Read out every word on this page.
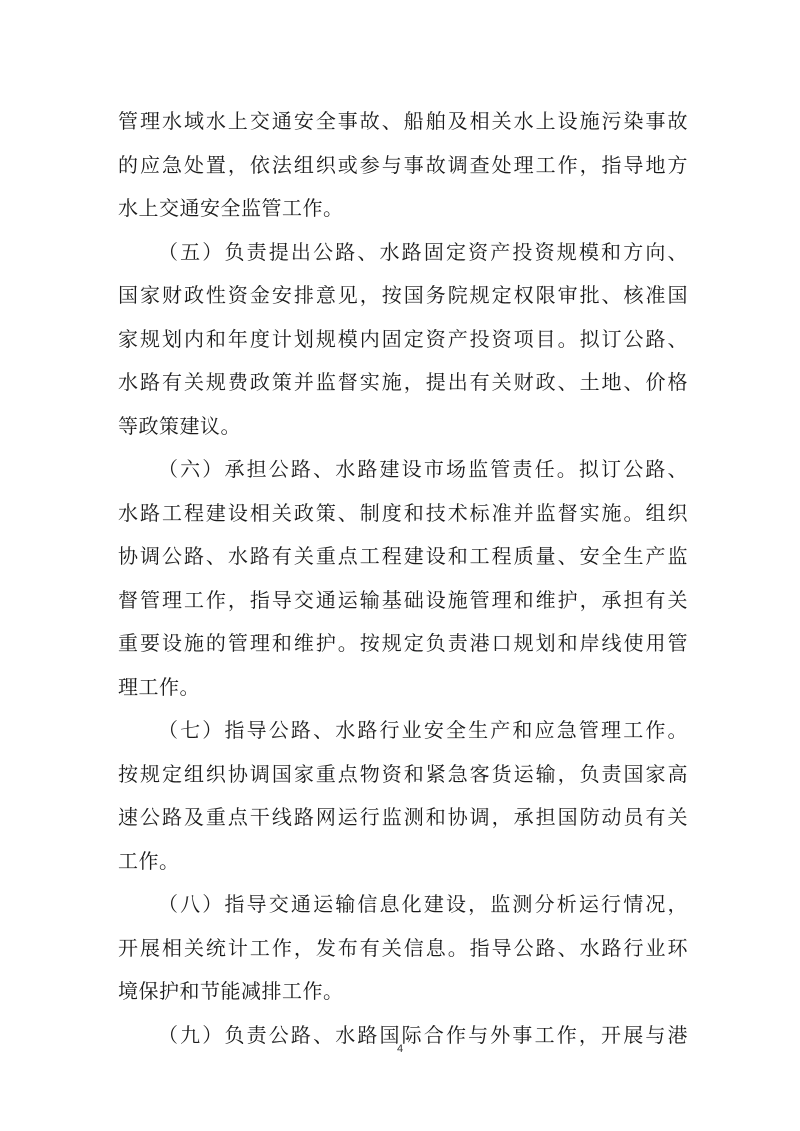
管理水域水上交通安全事故、船舶及相关水上设施污染事故
的应急处置，依法组织或参与事故调查处理工作，指导地方
水上交通安全监管工作。
（五）负责提出公路、水路固定资产投资规模和方向、
国家财政性资金安排意见，按国务院规定权限审批、核准国
家规划内和年度计划规模内固定资产投资项目。拟订公路、
水路有关规费政策并监督实施，提出有关财政、土地、价格
等政策建议。
（六）承担公路、水路建设市场监管责任。拟订公路、
水路工程建设相关政策、制度和技术标准并监督实施。组织
协调公路、水路有关重点工程建设和工程质量、安全生产监
督管理工作，指导交通运输基础设施管理和维护，承担有关
重要设施的管理和维护。按规定负责港口规划和岸线使用管
理工作。
（七）指导公路、水路行业安全生产和应急管理工作。
按规定组织协调国家重点物资和紧急客货运输，负责国家高
速公路及重点干线路网运行监测和协调，承担国防动员有关
工作。
（八）指导交通运输信息化建设，监测分析运行情况，
开展相关统计工作，发布有关信息。指导公路、水路行业环
境保护和节能减排工作。
（九）负责公路、水路国际合作与外事工作，开展与港
4
